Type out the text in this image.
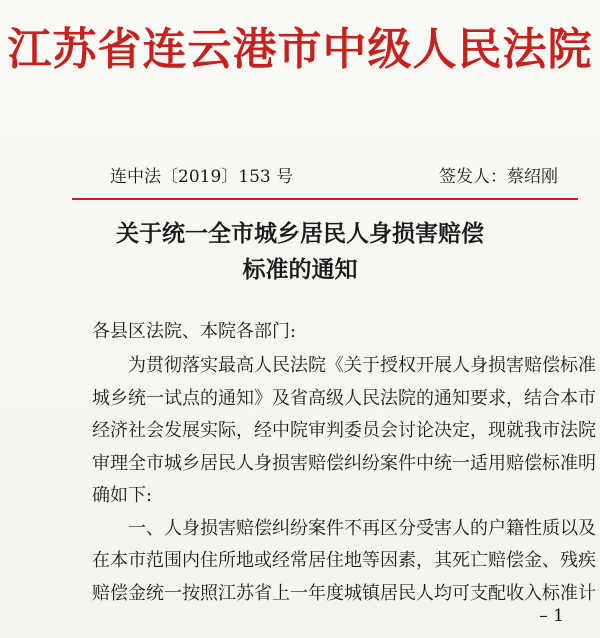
江苏省连云港市中级人民法院
连中法〔2019〕153 号	签发人：蔡绍刚
关于统一全市城乡居民人身损害赔偿
标准的通知
各县区法院、本院各部门:
为贯彻落实最高人民法院《关于授权开展人身损害赔偿标准
城乡统一试点的通知》及省高级人民法院的通知要求，结合本市
经济社会发展实际，经中院审判委员会讨论决定，现就我市法院
审理全市城乡居民人身损害赔偿纠纷案件中统一适用赔偿标准明
确如下:
一、人身损害赔偿纠纷案件不再区分受害人的户籍性质以及
在本市范围内住所地或经常居住地等因素，其死亡赔偿金、残疾
赔偿金统一按照江苏省上一年度城镇居民人均可支配收入标准计
– 1
